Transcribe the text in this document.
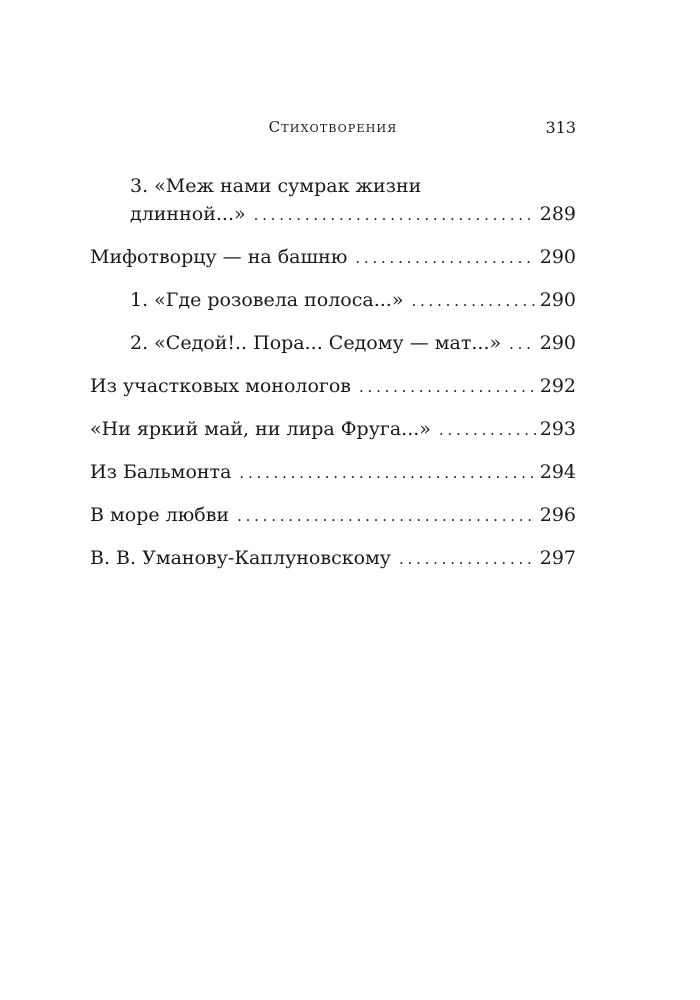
Стихотворения	313
3. «Меж нами сумрак жизни
длинной...» . . .	289
Мифотворцу — на башню . . .	290
1. «Где розовела полоса...» . . .	290
2. «Седой!.. Пора... Седому — мат...» . . . 290
Из участковых монологов . . .	292
«Ни яркий май, ни лира Фруга...» . . .	293
Из Бальмонта . . .	294
В море любви . . .	296
В. В. Уманову-Каплуновскому . . .	297
